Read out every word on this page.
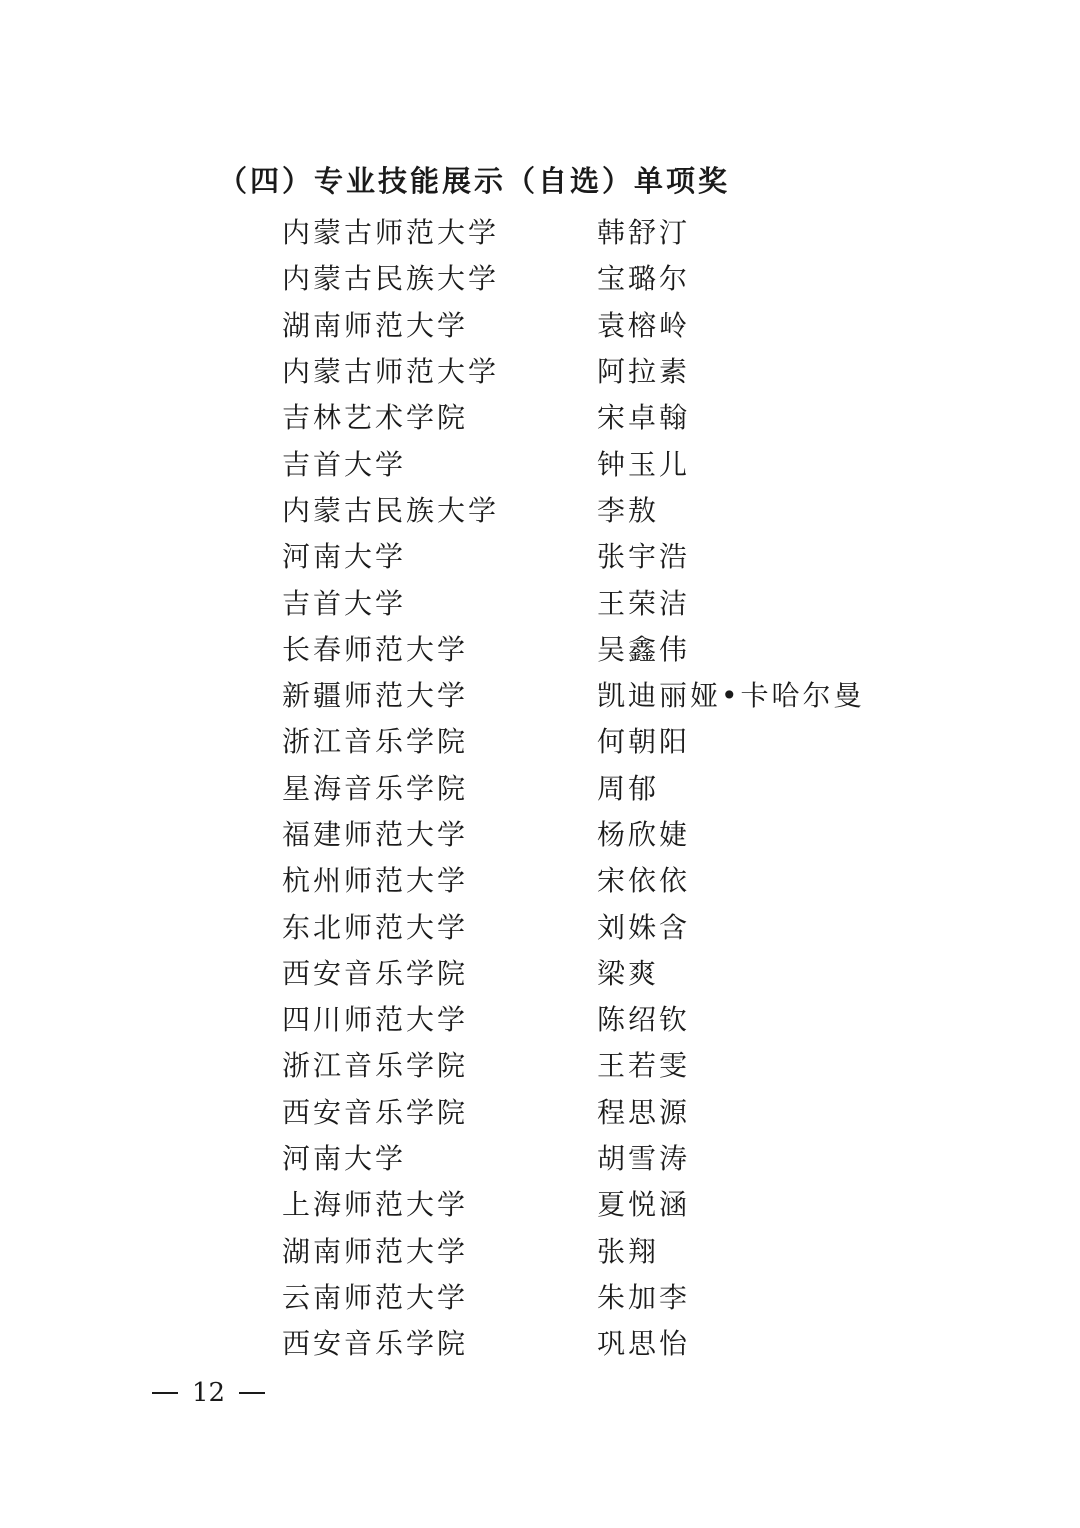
（四）专业技能展示（自选）单项奖
内蒙古师范大学	韩舒汀
内蒙古民族大学	宝璐尔
湖南师范大学	袁榕岭
内蒙古师范大学	阿拉素
吉林艺术学院	宋卓翰
吉首大学	钟玉儿
内蒙古民族大学	李敖
河南大学	张宇浩
吉首大学	王荣洁
长春师范大学	吴鑫伟
新疆师范大学	凯迪丽娅•卡哈尔曼
浙江音乐学院	何朝阳
星海音乐学院	周郁
福建师范大学	杨欣婕
杭州师范大学	宋依依
东北师范大学	刘姝含
西安音乐学院	梁爽
四川师范大学	陈绍钦
浙江音乐学院	王若雯
西安音乐学院	程思源
河南大学	胡雪涛
上海师范大学	夏悦涵
湖南师范大学	张翔
云南师范大学	朱加李
西安音乐学院	巩思怡
12
